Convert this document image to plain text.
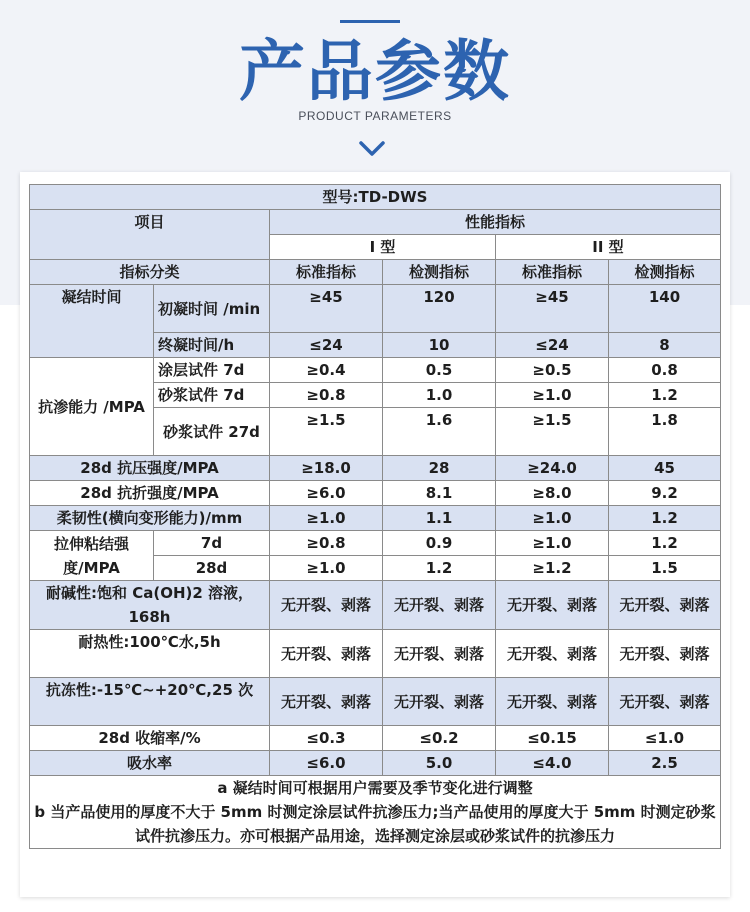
产品参数
PRODUCT PARAMETERS
型号:TD-DWS					
项目		性能指标			
		I 型		II 型	
指标分类		标准指标	检测指标	标准指标	检测指标
凝结时间	初凝时间 /min	≥45	120	≥45	140
	终凝时间/h	≤24	10	≤24	8
抗渗能力 /MPA	涂层试件 7d	≥0.4	0.5	≥0.5	0.8
	砂浆试件 7d	≥0.8	1.0	≥1.0	1.2
	砂浆试件 27d	≥1.5	1.6	≥1.5	1.8
28d 抗压强度/MPA		≥18.0	28	≥24.0	45
28d 抗折强度/MPA		≥6.0	8.1	≥8.0	9.2
柔韧性(横向变形能力)/mm		≥1.0	1.1	≥1.0	1.2
拉伸粘结强度/MPA	7d	≥0.8	0.9	≥1.0	1.2
	28d	≥1.0	1.2	≥1.2	1.5
耐碱性:饱和 Ca(OH)2 溶液，168h		无开裂、剥落	无开裂、剥落	无开裂、剥落	无开裂、剥落
耐热性:100℃水,5h		无开裂、剥落	无开裂、剥落	无开裂、剥落	无开裂、剥落
抗冻性:-15℃~+20℃,25 次		无开裂、剥落	无开裂、剥落	无开裂、剥落	无开裂、剥落
28d 收缩率/%		≤0.3	≤0.2	≤0.15	≤1.0
吸水率		≤6.0	5.0	≤4.0	2.5

a 凝结时间可根据用户需要及季节变化进行调整
b 当产品使用的厚度不大于 5mm 时测定涂层试件抗渗压力;当产品使用的厚度大于 5mm 时测定砂浆试件抗渗压力。亦可根据产品用途，选择测定涂层或砂浆试件的抗渗压力					
